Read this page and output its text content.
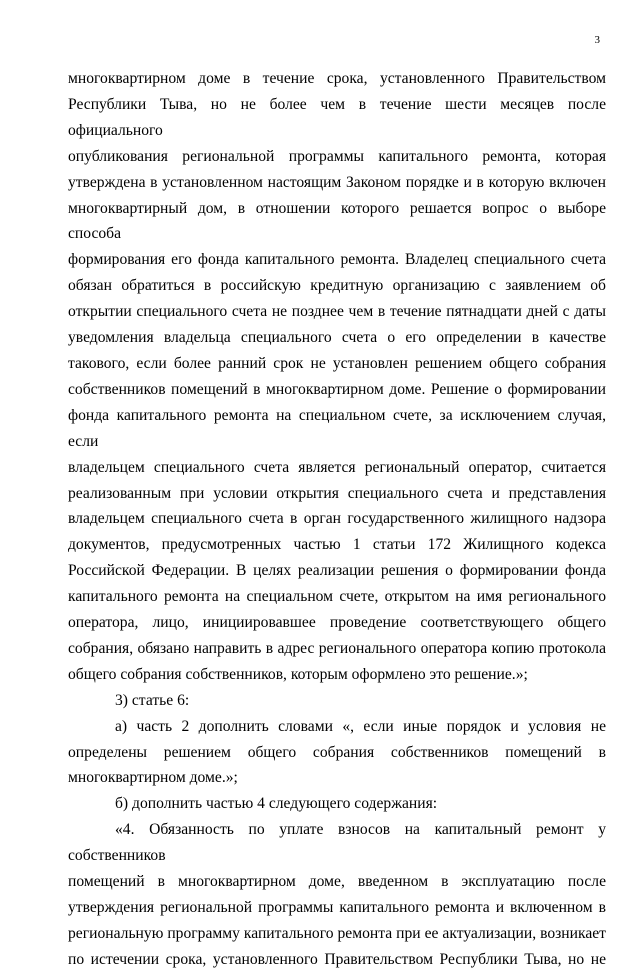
3
многоквартирном доме в течение срока, установленного Правительством
Республики Тыва, но не более чем в течение шести месяцев после официального
опубликования региональной программы капитального ремонта, которая
утверждена в установленном настоящим Законом порядке и в которую включен
многоквартирный дом, в отношении которого решается вопрос о выборе способа
формирования его фонда капитального ремонта. Владелец специального счета
обязан обратиться в российскую кредитную организацию с заявлением об
открытии специального счета не позднее чем в течение пятнадцати дней с даты
уведомления владельца специального счета о его определении в качестве
такового, если более ранний срок не установлен решением общего собрания
собственников помещений в многоквартирном доме. Решение о формировании
фонда капитального ремонта на специальном счете, за исключением случая, если
владельцем специального счета является региональный оператор, считается
реализованным при условии открытия специального счета и представления
владельцем специального счета в орган государственного жилищного надзора
документов, предусмотренных частью 1 статьи 172 Жилищного кодекса
Российской Федерации. В целях реализации решения о формировании фонда
капитального ремонта на специальном счете, открытом на имя регионального
оператора, лицо, инициировавшее проведение соответствующего общего
собрания, обязано направить в адрес регионального оператора копию протокола
общего собрания собственников, которым оформлено это решение.»;
3) статье 6:
а) часть 2 дополнить словами «, если иные порядок и условия не
определены решением общего собрания собственников помещений в
многоквартирном доме.»;
б) дополнить частью 4 следующего содержания:
«4. Обязанность по уплате взносов на капитальный ремонт у собственников
помещений в многоквартирном доме, введенном в эксплуатацию после
утверждения региональной программы капитального ремонта и включенном в
региональную программу капитального ремонта при ее актуализации, возникает
по истечении срока, установленного Правительством Республики Тыва, но не
